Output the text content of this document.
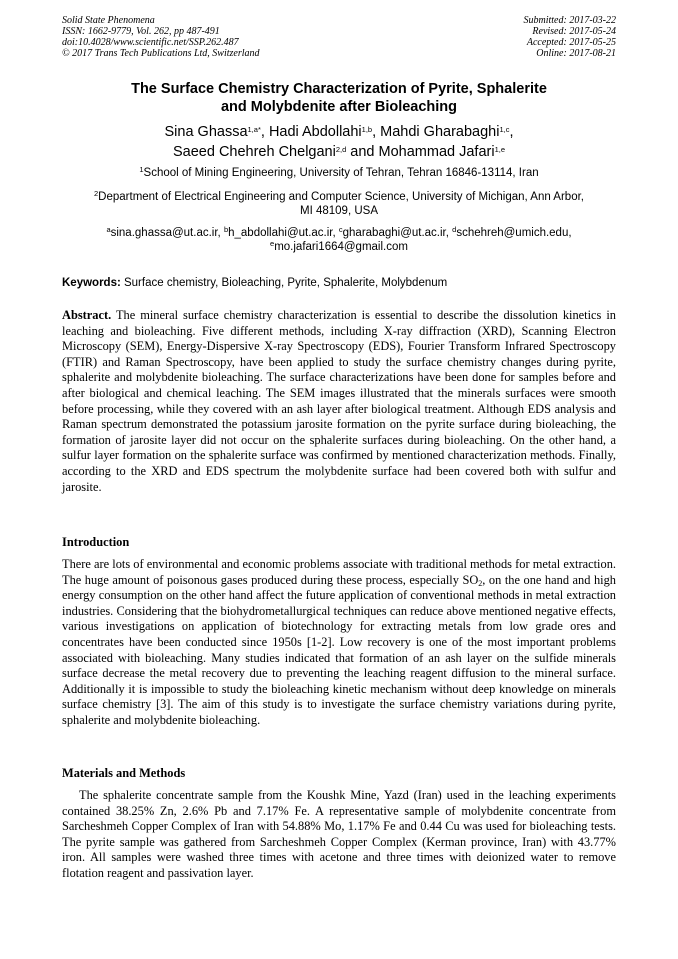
Solid State Phenomena
ISSN: 1662-9779, Vol. 262, pp 487-491
doi:10.4028/www.scientific.net/SSP.262.487
© 2017 Trans Tech Publications Ltd, Switzerland
Submitted: 2017-03-22
Revised: 2017-05-24
Accepted: 2017-05-25
Online: 2017-08-21
The Surface Chemistry Characterization of Pyrite, Sphalerite
and Molybdenite after Bioleaching
Sina Ghassa$^{1,a*}$, Hadi Abdollahi$^{1,b}$, Mahdi Gharabaghi$^{1,c}$,
Saeed Chehreh Chelgani$^{2,d}$ and Mohammad Jafari$^{1,e}$
$^1$School of Mining Engineering, University of Tehran, Tehran 16846-13114, Iran
$^2$Department of Electrical Engineering and Computer Science, University of Michigan, Ann Arbor,
MI 48109, USA
$^a$sina.ghassa@ut.ac.ir, $^b$h_abdollahi@ut.ac.ir, $^c$gharabaghi@ut.ac.ir, $^d$schehreh@umich.edu,
$^e$mo.jafari1664@gmail.com
Keywords: Surface chemistry, Bioleaching, Pyrite, Sphalerite, Molybdenum
Abstract. The mineral surface chemistry characterization is essential to describe the dissolution kinetics in leaching and bioleaching. Five different methods, including X-ray diffraction (XRD), Scanning Electron Microscopy (SEM), Energy-Dispersive X-ray Spectroscopy (EDS), Fourier Transform Infrared Spectroscopy (FTIR) and Raman Spectroscopy, have been applied to study the surface chemistry changes during pyrite, sphalerite and molybdenite bioleaching. The surface characterizations have been done for samples before and after biological and chemical leaching. The SEM images illustrated that the minerals surfaces were smooth before processing, while they covered with an ash layer after biological treatment. Although EDS analysis and Raman spectrum demonstrated the potassium jarosite formation on the pyrite surface during bioleaching, the formation of jarosite layer did not occur on the sphalerite surfaces during bioleaching. On the other hand, a sulfur layer formation on the sphalerite surface was confirmed by mentioned characterization methods. Finally, according to the XRD and EDS spectrum the molybdenite surface had been covered both with sulfur and jarosite.
Introduction
There are lots of environmental and economic problems associate with traditional methods for metal extraction. The huge amount of poisonous gases produced during these process, especially $SO_2$, on the one hand and high energy consumption on the other hand affect the future application of conventional methods in metal extraction industries. Considering that the biohydrometallurgical techniques can reduce above mentioned negative effects, various investigations on application of biotechnology for extracting metals from low grade ores and concentrates have been conducted since 1950s [1-2]. Low recovery is one of the most important problems associated with bioleaching. Many studies indicated that formation of an ash layer on the sulfide minerals surface decrease the metal recovery due to preventing the leaching reagent diffusion to the mineral surface. Additionally it is impossible to study the bioleaching kinetic mechanism without deep knowledge on minerals surface chemistry [3]. The aim of this study is to investigate the surface chemistry variations during pyrite, sphalerite and molybdenite bioleaching.
Materials and Methods
The sphalerite concentrate sample from the Koushk Mine, Yazd (Iran) used in the leaching experiments contained 38.25% Zn, 2.6% Pb and 7.17% Fe. A representative sample of molybdenite concentrate from Sarcheshmeh Copper Complex of Iran with 54.88% Mo, 1.17% Fe and 0.44 Cu was used for bioleaching tests. The pyrite sample was gathered from Sarcheshmeh Copper Complex (Kerman province, Iran) with 43.77% iron. All samples were washed three times with acetone and three times with deionized water to remove flotation reagent and passivation layer.
